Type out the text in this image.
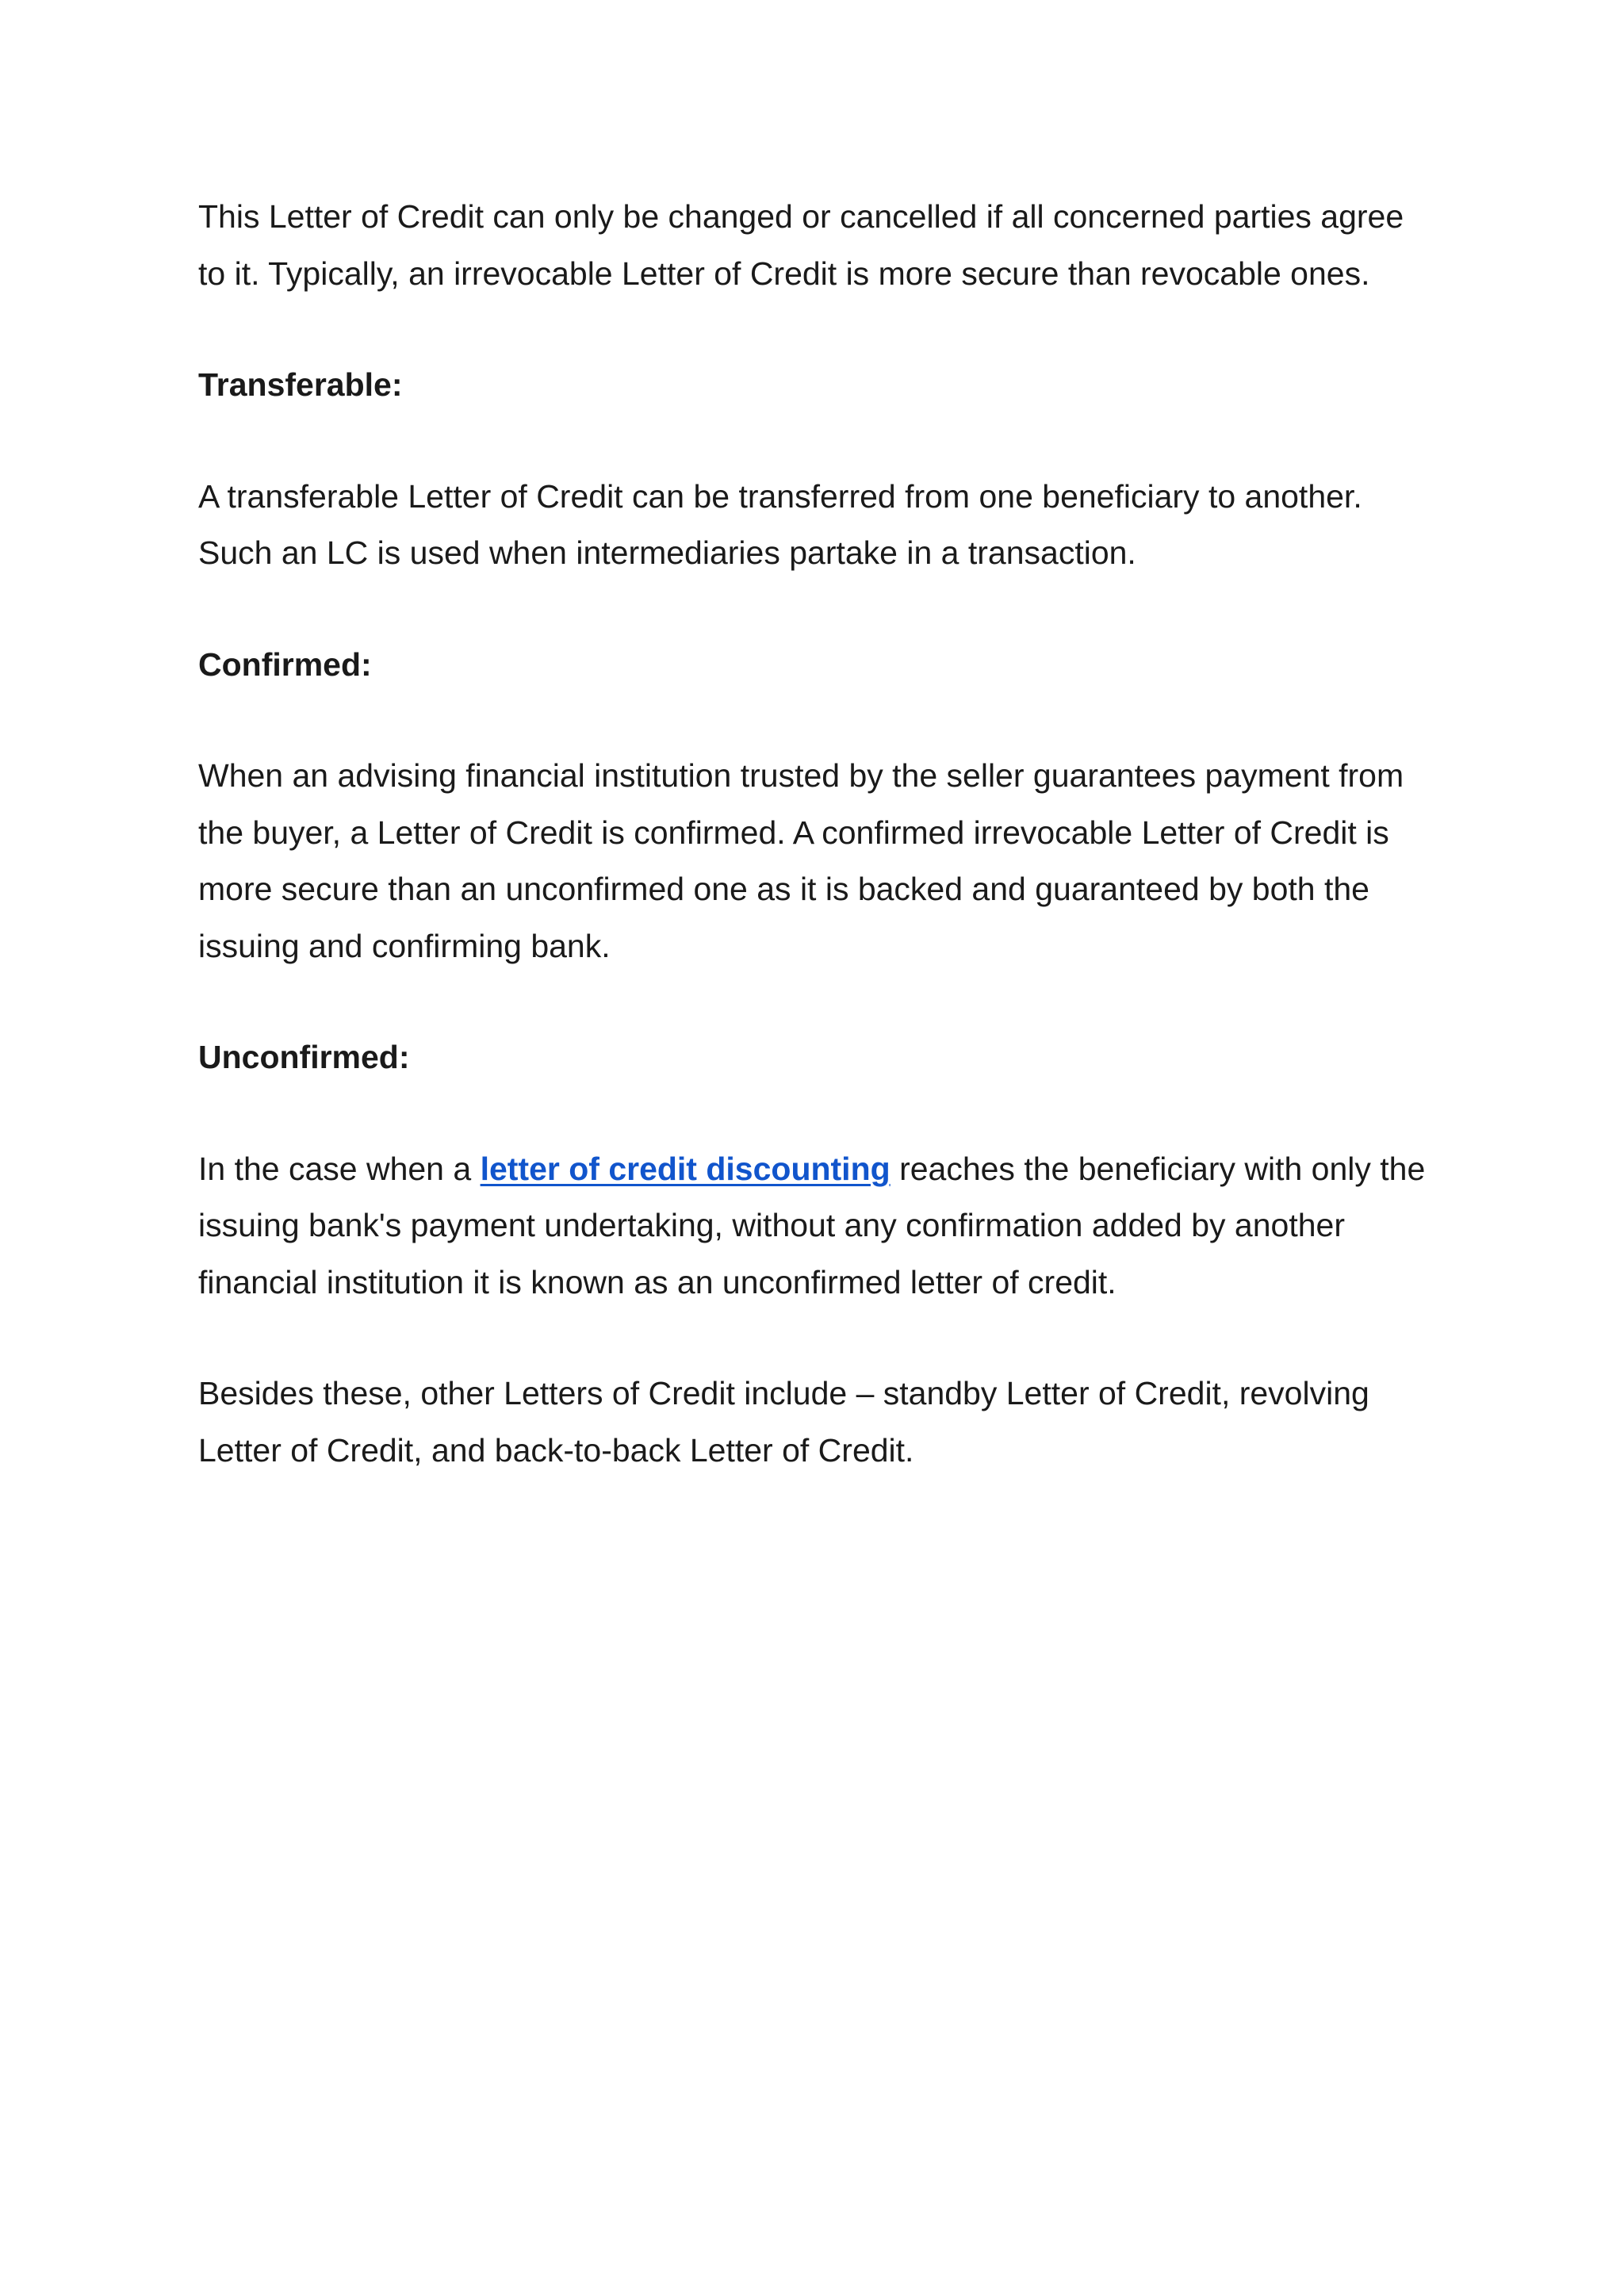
This Letter of Credit can only be changed or cancelled if all concerned parties agree to it. Typically, an irrevocable Letter of Credit is more secure than revocable ones.

Transferable:

A transferable Letter of Credit can be transferred from one beneficiary to another. Such an LC is used when intermediaries partake in a transaction.

Confirmed:

When an advising financial institution trusted by the seller guarantees payment from the buyer, a Letter of Credit is confirmed. A confirmed irrevocable Letter of Credit is more secure than an unconfirmed one as it is backed and guaranteed by both the issuing and confirming bank.

Unconfirmed:

In the case when a letter of credit discounting reaches the beneficiary with only the issuing bank's payment undertaking, without any confirmation added by another financial institution it is known as an unconfirmed letter of credit.

Besides these, other Letters of Credit include – standby Letter of Credit, revolving Letter of Credit, and back-to-back Letter of Credit.
